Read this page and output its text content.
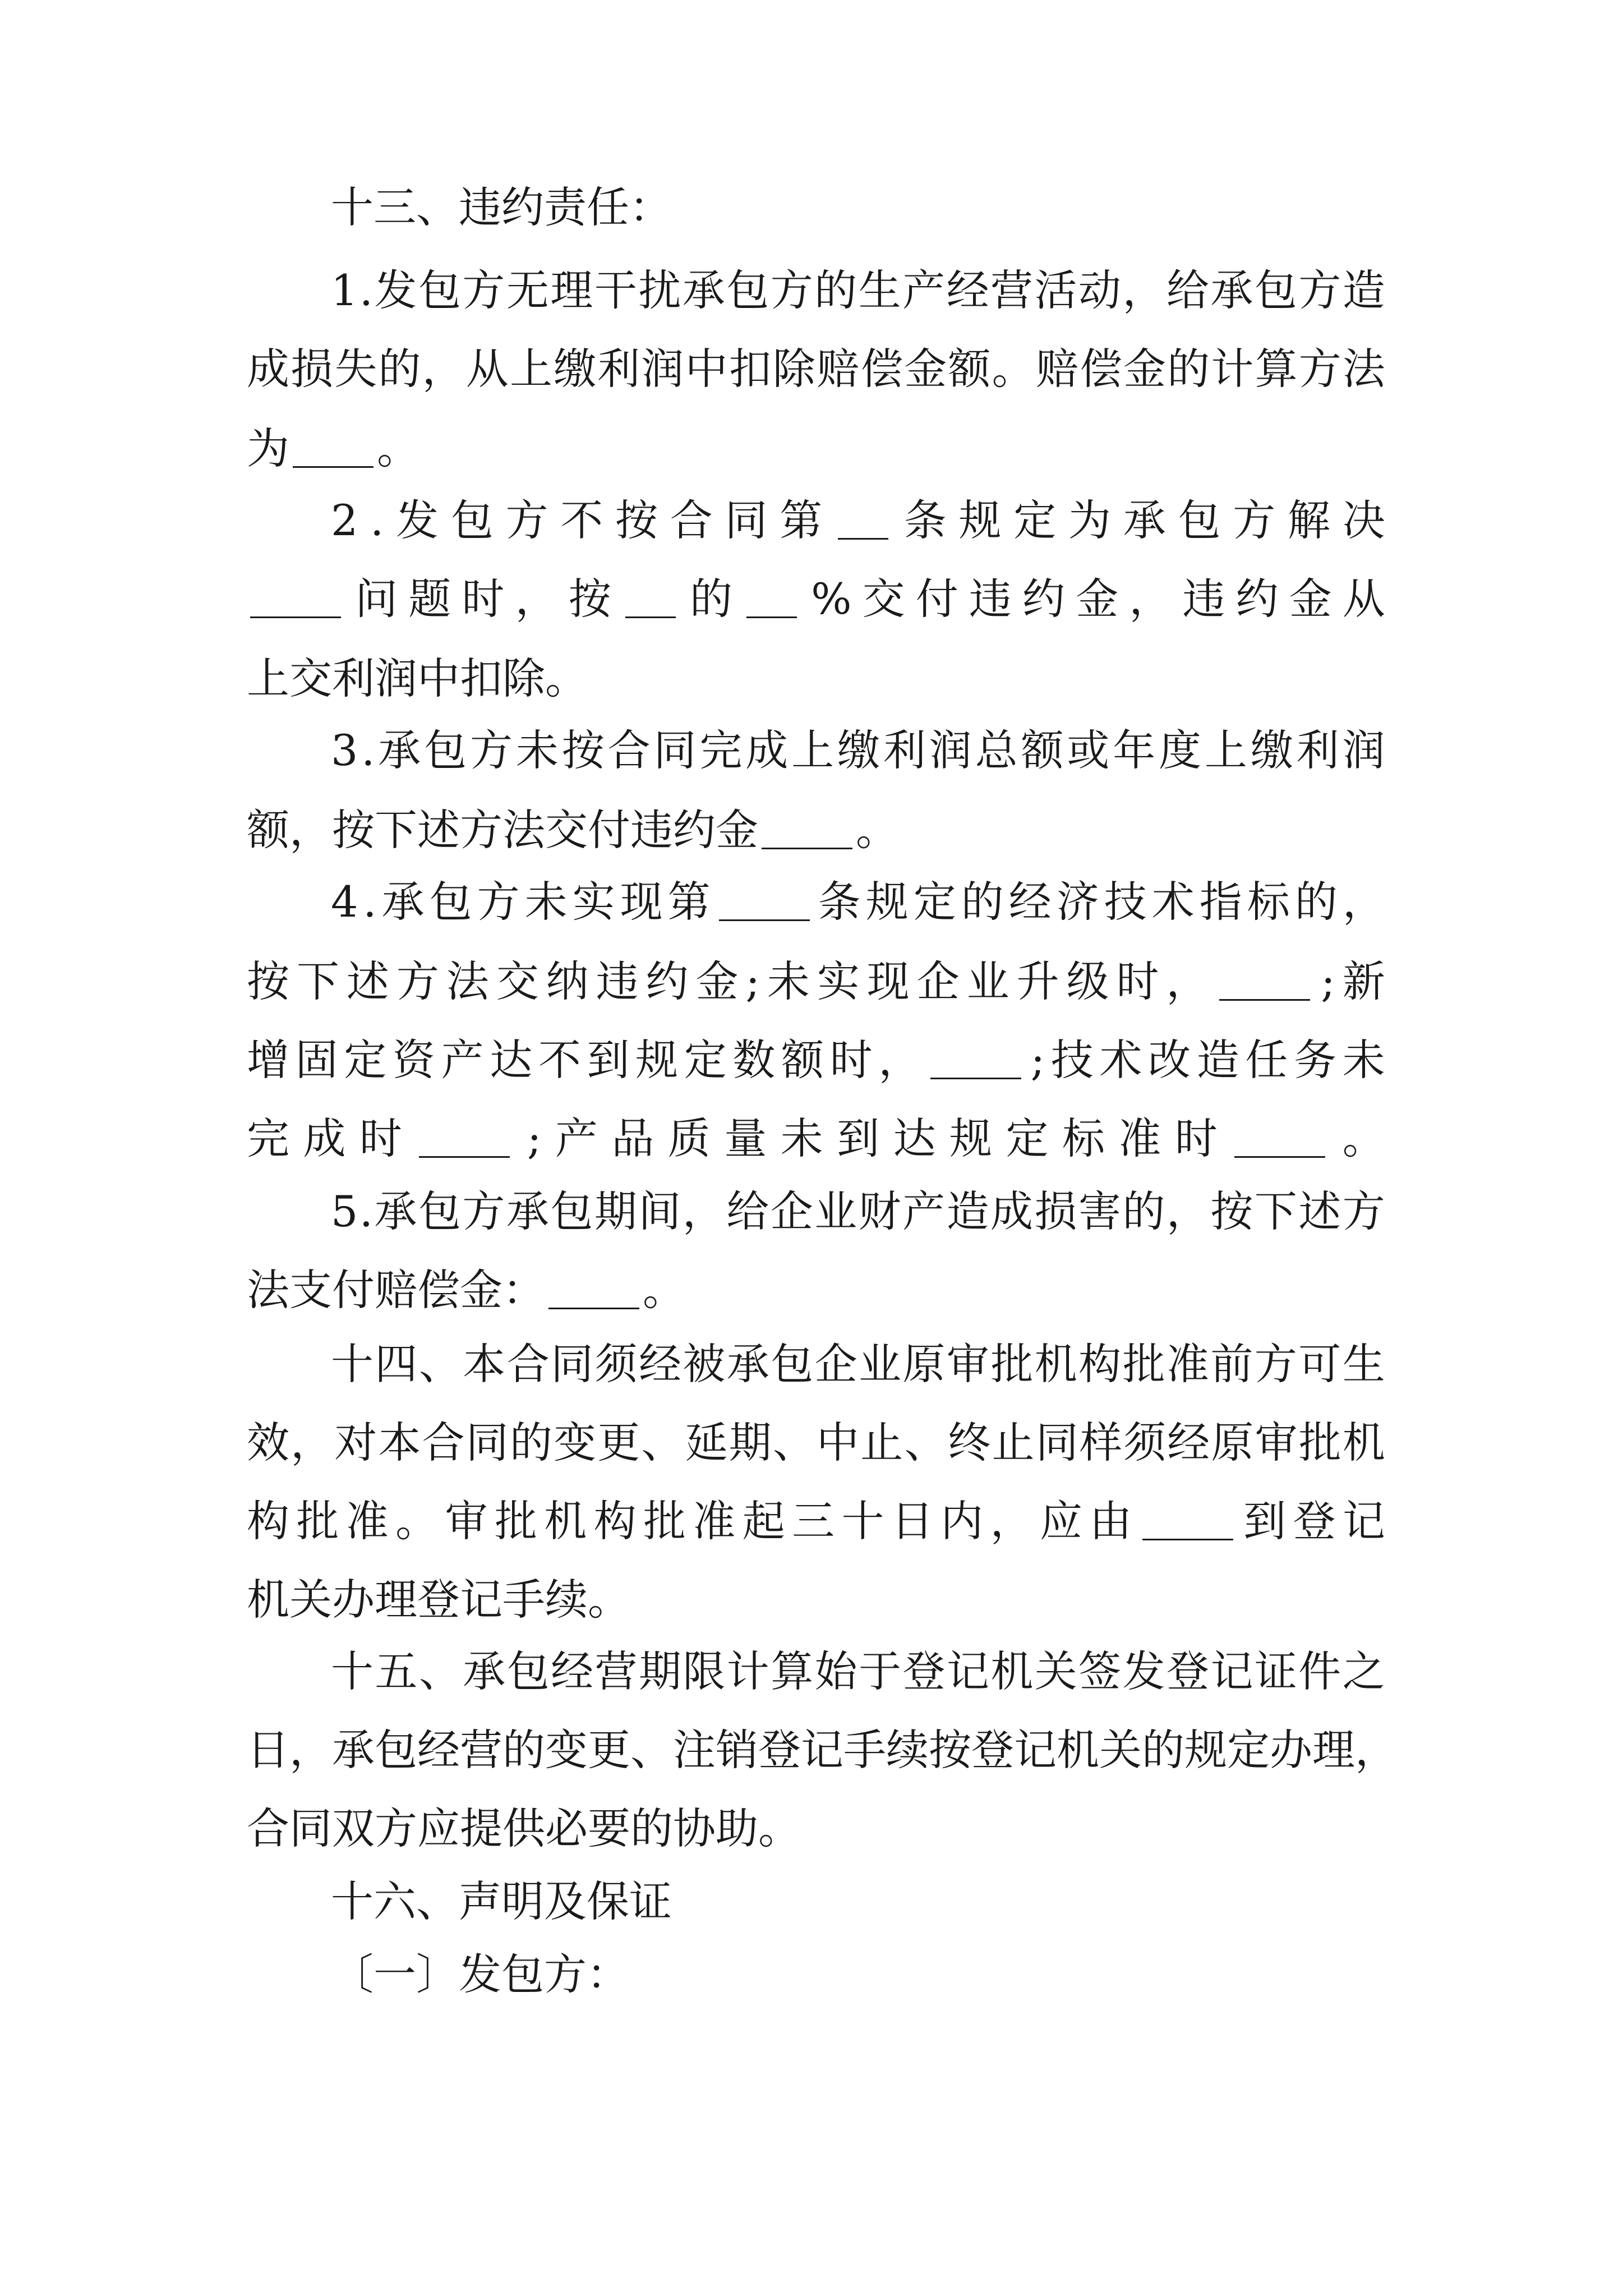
十三、违约责任：
1 . 发 包 方 无 理 干 扰 承 包 方 的 生 产 经 营 活 动 ， 给 承 包 方 造
成 损 失 的 ， 从 上 缴 利 润 中 扣 除 赔 偿 金 额 。 赔 偿 金 的 计 算 方 法
为 。
2 . 发 包 方 不 按 合 同 第 条 规 定 为 承 包 方 解 决
问 题 时 ， 按 的 % 交 付 违 约 金 ， 违 约 金 从
上交利润中扣除。
3 . 承 包 方 未 按 合 同 完 成 上 缴 利 润 总 额 或 年 度 上 缴 利 润
额，按下述方法交付违约金 。
4 . 承 包 方 未 实 现 第	条 规 定 的 经 济 技 术 指 标 的 ，
按 下 述 方 法 交 纳 违 约 金 ; 未 实 现 企 业 升 级 时 ，	; 新
增 固 定 资 产 达 不 到 规 定 数 额 时 ，	; 技 术 改 造 任 务 未
完 成 时	; 产 品 质 量 未 到 达 规 定 标 准 时	。
5 . 承 包 方 承 包 期 间 ， 给 企 业 财 产 造 成 损 害 的 ， 按 下 述 方
法支付赔偿金： 。
十 四 、 本 合 同 须 经 被 承 包 企 业 原 审 批 机 构 批 准 前 方 可 生
效 ， 对 本 合 同 的 变 更 、 延 期 、 中 止 、 终 止 同 样 须 经 原 审 批 机
构 批 准 。 审 批 机 构 批 准 起 三 十 日 内 ， 应 由	到 登 记
机关办理登记手续。
十 五 、 承 包 经 营 期 限 计 算 始 于 登 记 机 关 签 发 登 记 证 件 之
日 ， 承 包 经 营 的 变 更 、 注 销 登 记 手 续 按 登 记 机 关 的 规 定 办 理 ，
合同双方应提供必要的协助。
十六、声明及保证
〔一〕发包方：
